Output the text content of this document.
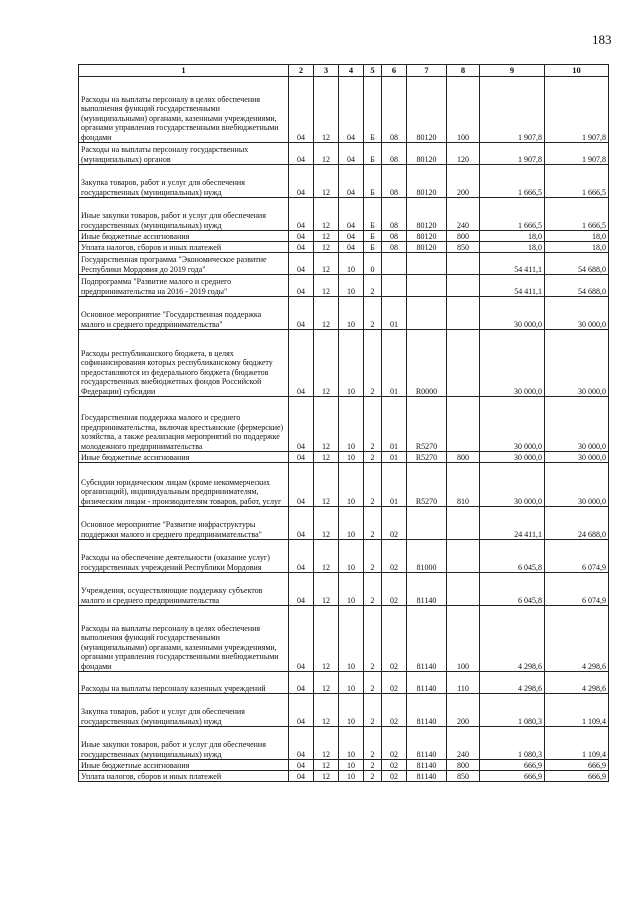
183
1	2	3	4	5	6	7	8	9	10
Расходы на выплаты персоналу в целях обеспечения выполнения функций государственными (муниципальными) органами, казенными учреждениями, органами управления государственными внебюджетными фондами	04	12	04	Б	08	80120	100	1 907,8	1 907,8
Расходы на выплаты персоналу государственных (муниципальных) органов	04	12	04	Б	08	80120	120	1 907,8	1 907,8
Закупка товаров, работ и услуг для обеспечения государственных (муниципальных) нужд	04	12	04	Б	08	80120	200	1 666,5	1 666,5
Иные закупки товаров, работ и услуг для обеспечения государственных (муниципальных) нужд	04	12	04	Б	08	80120	240	1 666,5	1 666,5
Иные бюджетные ассигнования	04	12	04	Б	08	80120	800	18,0	18,0
Уплата налогов, сборов и иных платежей	04	12	04	Б	08	80120	850	18,0	18,0
Государственная программа "Экономическое развитие Республики Мордовия до 2019 года"	04	12	10	0				54 411,1	54 688,0
Подпрограмма "Развитие малого и среднего предпринимательства на 2016 - 2019 годы"	04	12	10	2				54 411,1	54 688,0
Основное мероприятие "Государственная поддержка малого и среднего предпринимательства"	04	12	10	2	01			30 000,0	30 000,0
Расходы республиканского бюджета, в целях софинансирования которых республиканскому бюджету предоставляются из федерального бюджета (бюджетов государственных внебюджетных фондов Российской Федерации) субсидии	04	12	10	2	01	R0000		30 000,0	30 000,0
Государственная поддержка малого и среднего предпринимательства, включая крестьянские (фермерские) хозяйства, а также реализация мероприятий по поддержке молодежного предпринимательства	04	12	10	2	01	R5270		30 000,0	30 000,0
Иные бюджетные ассигнования	04	12	10	2	01	R5270	800	30 000,0	30 000,0
Субсидии юридическим лицам (кроме некоммерческих организаций), индивидуальным предпринимателям, физическим лицам - производителям товаров, работ, услуг	04	12	10	2	01	R5270	810	30 000,0	30 000,0
Основное мероприятие "Развитие инфраструктуры поддержки малого и среднего предпринимательства"	04	12	10	2	02			24 411,1	24 688,0
Расходы на обеспечение деятельности (оказание услуг) государственных учреждений Республики Мордовия	04	12	10	2	02	81000		6 045,8	6 074,9
Учреждения, осуществляющие поддержку субъектов малого и среднего предпринимательства	04	12	10	2	02	81140		6 045,8	6 074,9
Расходы на выплаты персоналу в целях обеспечения выполнения функций государственными (муниципальными) органами, казенными учреждениями, органами управления государственными внебюджетными фондами	04	12	10	2	02	81140	100	4 298,6	4 298,6
Расходы на выплаты персоналу казенных учреждений	04	12	10	2	02	81140	110	4 298,6	4 298,6
Закупка товаров, работ и услуг для обеспечения государственных (муниципальных) нужд	04	12	10	2	02	81140	200	1 080,3	1 109,4
Иные закупки товаров, работ и услуг для обеспечения государственных (муниципальных) нужд	04	12	10	2	02	81140	240	1 080,3	1 109,4
Иные бюджетные ассигнования	04	12	10	2	02	81140	800	666,9	666,9
Уплата налогов, сборов и иных платежей	04	12	10	2	02	81140	850	666,9	666,9
